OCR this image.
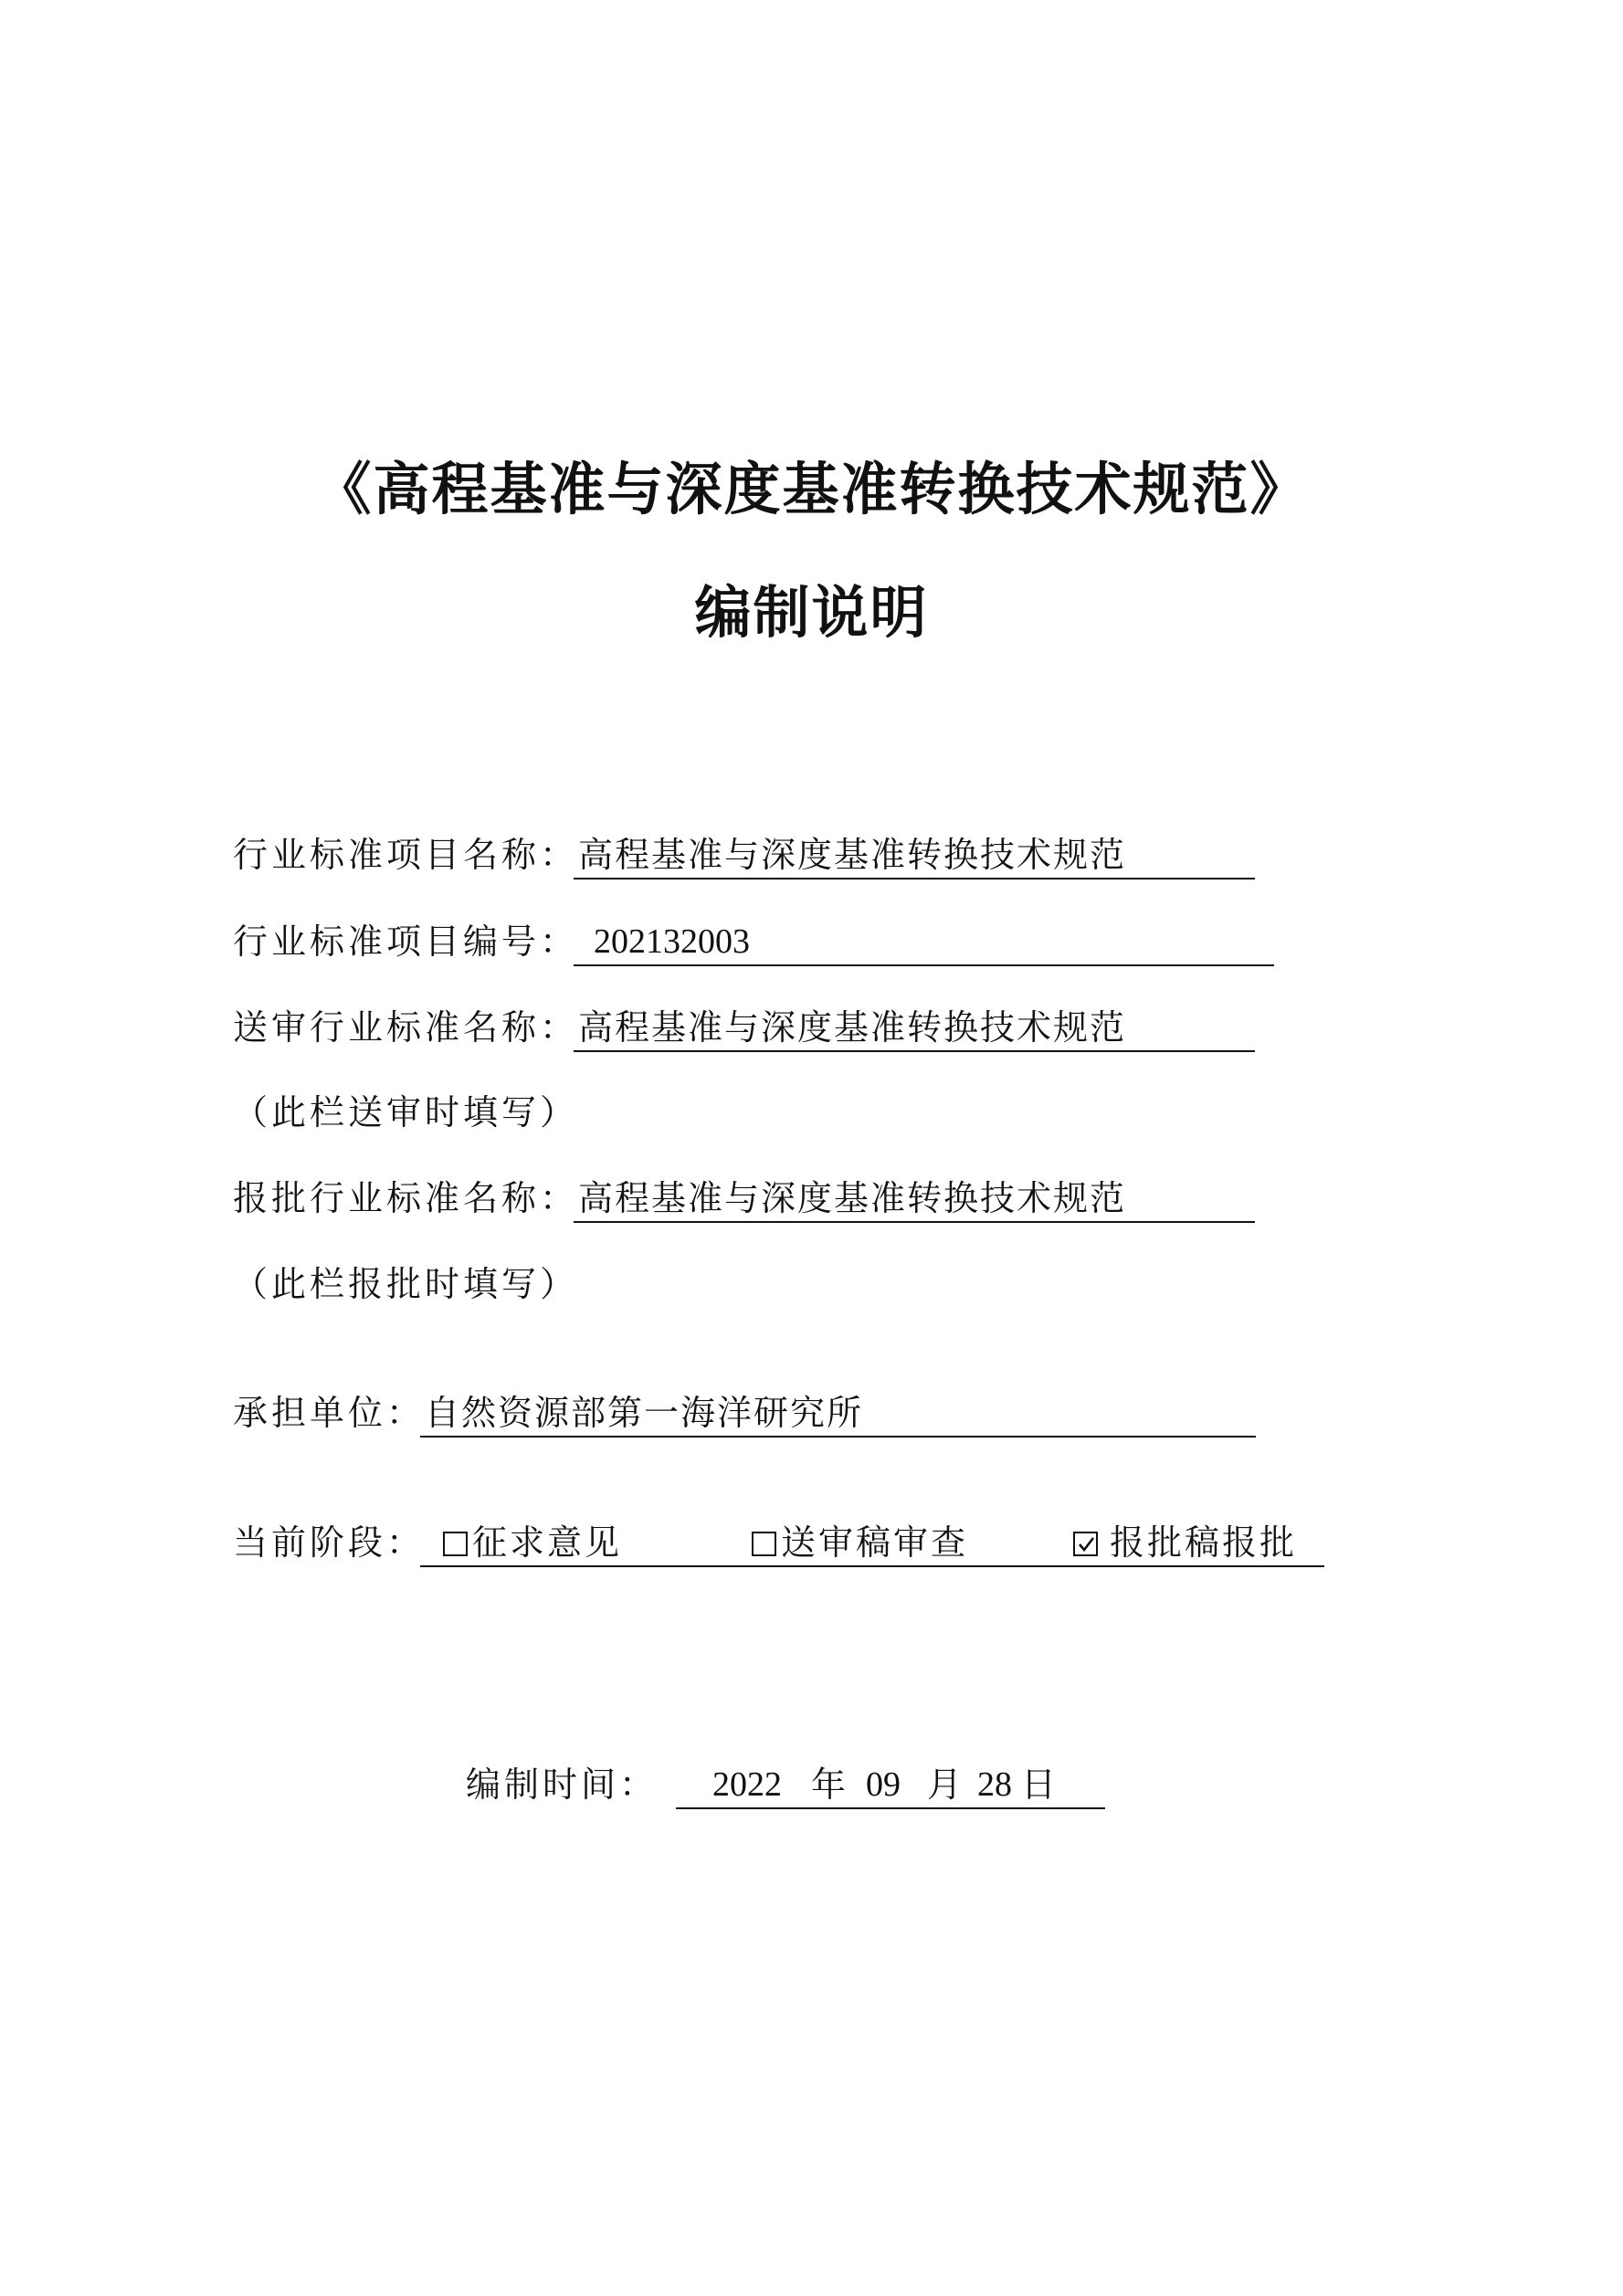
《高程基准与深度基准转换技术规范》
编制说明
行业标准项目名称： 高程基准与深度基准转换技术规范
行业标准项目编号： 202132003
送审行业标准名称： 高程基准与深度基准转换技术规范
（此栏送审时填写）
报批行业标准名称： 高程基准与深度基准转换技术规范
（此栏报批时填写）
承担单位： 自然资源部第一海洋研究所
当前阶段：	征求意见	送审稿审查	报批稿报批
编制时间： 2022 年 09 月 28 日
